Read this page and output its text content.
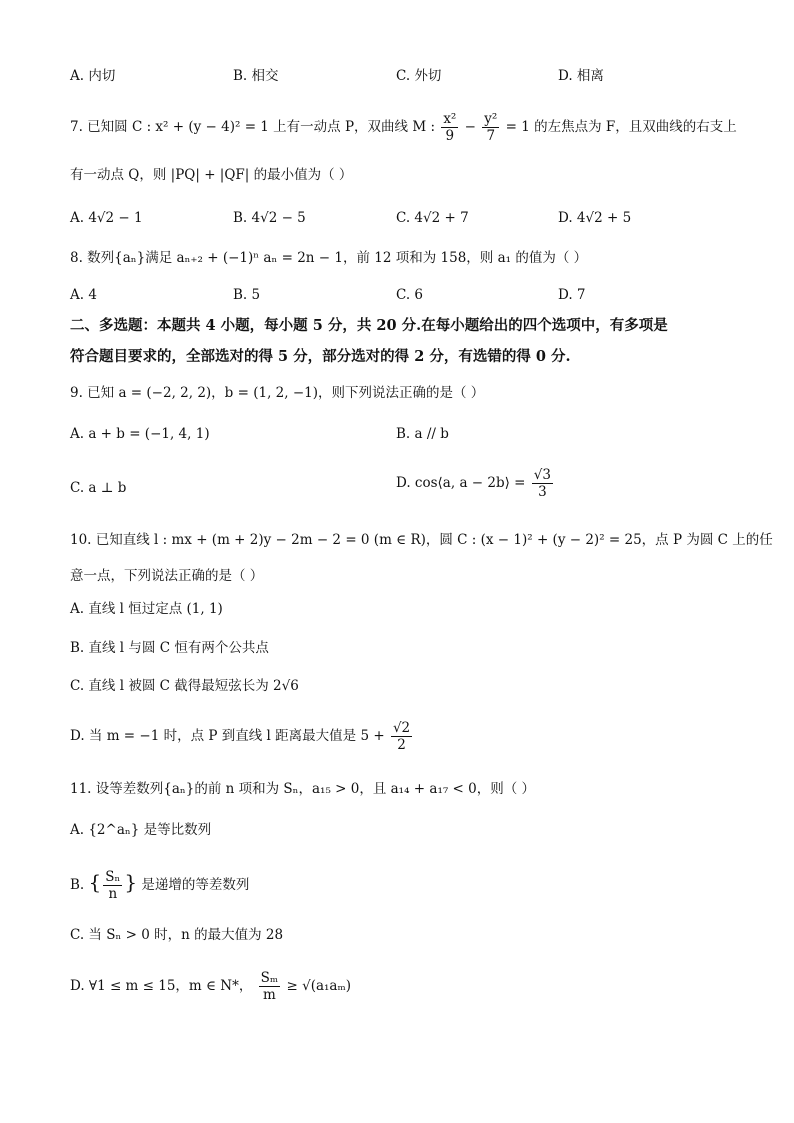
A. 内切	B. 相交	C. 外切	D. 相离
7. 已知圆 C : x² + (y − 4)² = 1 上有一动点 P，双曲线 M : $\frac{\text{x²}}{9} - \frac{\text{y²}}{7} = 1$ 的左焦点为 F，且双曲线的右支上
有一动点 Q，则 |PQ| + |QF| 的最小值为（ ）
A. 4√2 − 1	B. 4√2 − 5	C. 4√2 + 7	D. 4√2 + 5
8. 数列{aₙ}满足 aₙ₊₂ + (−1)ⁿ aₙ = 2n − 1，前 12 项和为 158，则 a₁ 的值为（ ）
A. 4	B. 5	C. 6	D. 7
二、多选题：本题共 4 小题，每小题 5 分，共 20 分.在每小题给出的四个选项中，有多项是
符合题目要求的，全部选对的得 5 分，部分选对的得 2 分，有选错的得 0 分.
9. 已知 a = (−2, 2, 2)，b = (1, 2, −1)，则下列说法正确的是（ ）
A. a + b = (−1, 4, 1)	B. a // b
C. a ⊥ b	D. cos⟨a, a − 2b⟩ = $\frac{√3}{3}$
10. 已知直线 l : mx + (m + 2)y − 2m − 2 = 0 (m ∈ R)，圆 C : (x − 1)² + (y − 2)² = 25，点 P 为圆 C 上的任
意一点，下列说法正确的是（ ）
A. 直线 l 恒过定点 (1, 1)
B. 直线 l 与圆 C 恒有两个公共点
C. 直线 l 被圆 C 截得最短弦长为 2√6
D. 当 m = −1 时，点 P 到直线 l 距离最大值是 $5 + \frac{√2}{2}$
11. 设等差数列{aₙ}的前 n 项和为 Sₙ，a₁₅ > 0，且 a₁₄ + a₁₇ < 0，则（ ）
A. {2^aₙ} 是等比数列
B. { $\frac{\text{Sₙ}}{n}$ } 是递增的等差数列
C. 当 Sₙ > 0 时，n 的最大值为 28
D. ∀1 ≤ m ≤ 15，m ∈ N*， $\frac{\text{Sₘ}}{m} \ge √(a_1a_m)$
